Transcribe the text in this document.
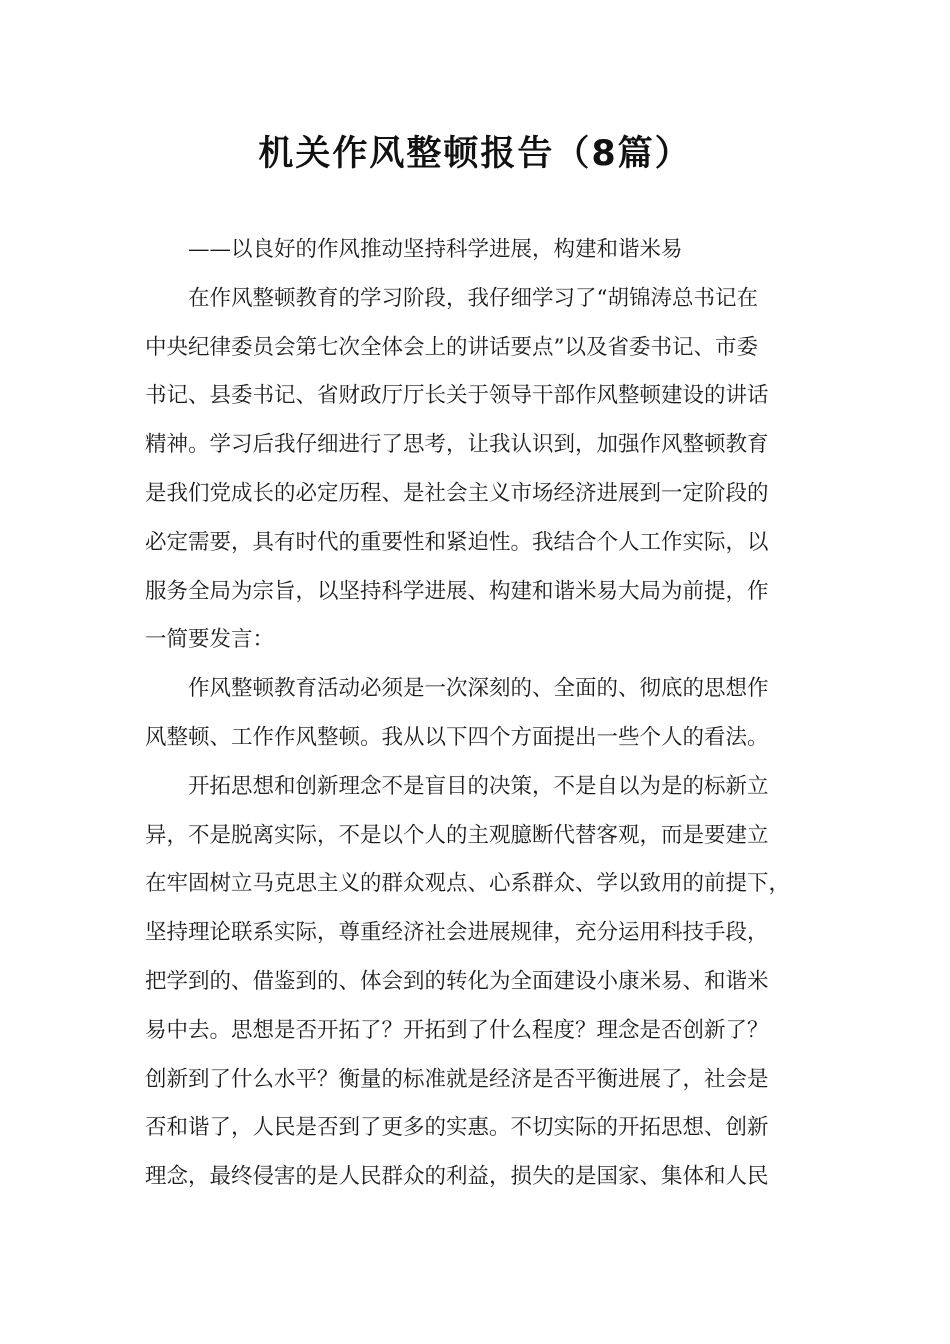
机关作风整顿报告（8篇）

——以良好的作风推动坚持科学进展，构建和谐米易

在作风整顿教育的学习阶段，我仔细学习了“胡锦涛总书记在
中央纪律委员会第七次全体会上的讲话要点”以及省委书记、市委
书记、县委书记、省财政厅厅长关于领导干部作风整顿建设的讲话
精神。学习后我仔细进行了思考，让我认识到，加强作风整顿教育
是我们党成长的必定历程、是社会主义市场经济进展到一定阶段的
必定需要，具有时代的重要性和紧迫性。我结合个人工作实际，以
服务全局为宗旨，以坚持科学进展、构建和谐米易大局为前提，作
一简要发言：
作风整顿教育活动必须是一次深刻的、全面的、彻底的思想作
风整顿、工作作风整顿。我从以下四个方面提出一些个人的看法。
开拓思想和创新理念不是盲目的决策，不是自以为是的标新立
异，不是脱离实际，不是以个人的主观臆断代替客观，而是要建立
在牢固树立马克思主义的群众观点、心系群众、学以致用的前提下，
坚持理论联系实际，尊重经济社会进展规律，充分运用科技手段，
把学到的、借鉴到的、体会到的转化为全面建设小康米易、和谐米
易中去。思想是否开拓了？开拓到了什么程度？理念是否创新了？
创新到了什么水平？衡量的标准就是经济是否平衡进展了，社会是
否和谐了，人民是否到了更多的实惠。不切实际的开拓思想、创新
理念，最终侵害的是人民群众的利益，损失的是国家、集体和人民
